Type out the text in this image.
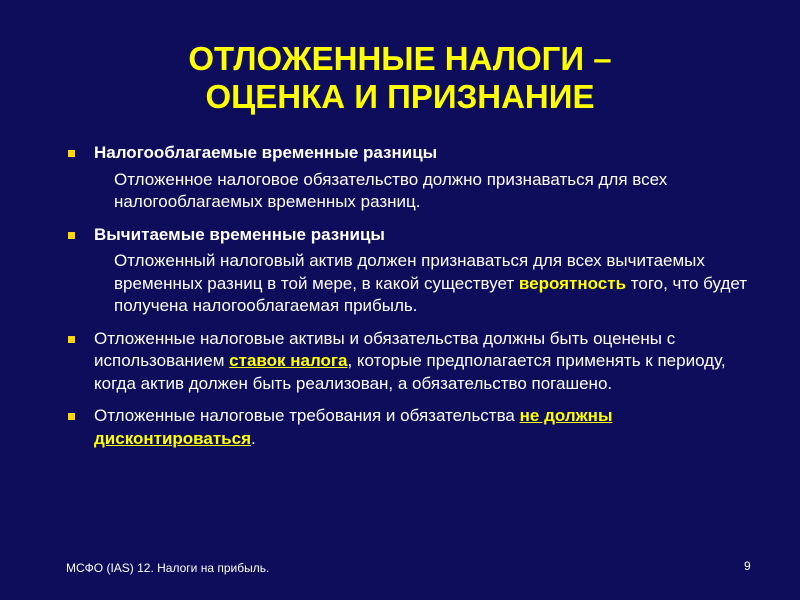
ОТЛОЖЕННЫЕ НАЛОГИ –
ОЦЕНКА И ПРИЗНАНИЕ
Налогооблагаемые временные разницы
Отложенное налоговое обязательство должно признаваться для всех налогооблагаемых временных разниц.
Вычитаемые временные разницы
Отложенный налоговый актив должен признаваться для всех вычитаемых временных разниц в той мере, в какой существует вероятность того, что будет получена налогооблагаемая прибыль.
Отложенные налоговые активы и обязательства должны быть оценены с использованием ставок налога, которые предполагается применять к периоду, когда актив должен быть реализован, а обязательство погашено.
Отложенные налоговые требования и обязательства не должны дисконтироваться.
МСФО (IAS) 12. Налоги на прибыль.	9
